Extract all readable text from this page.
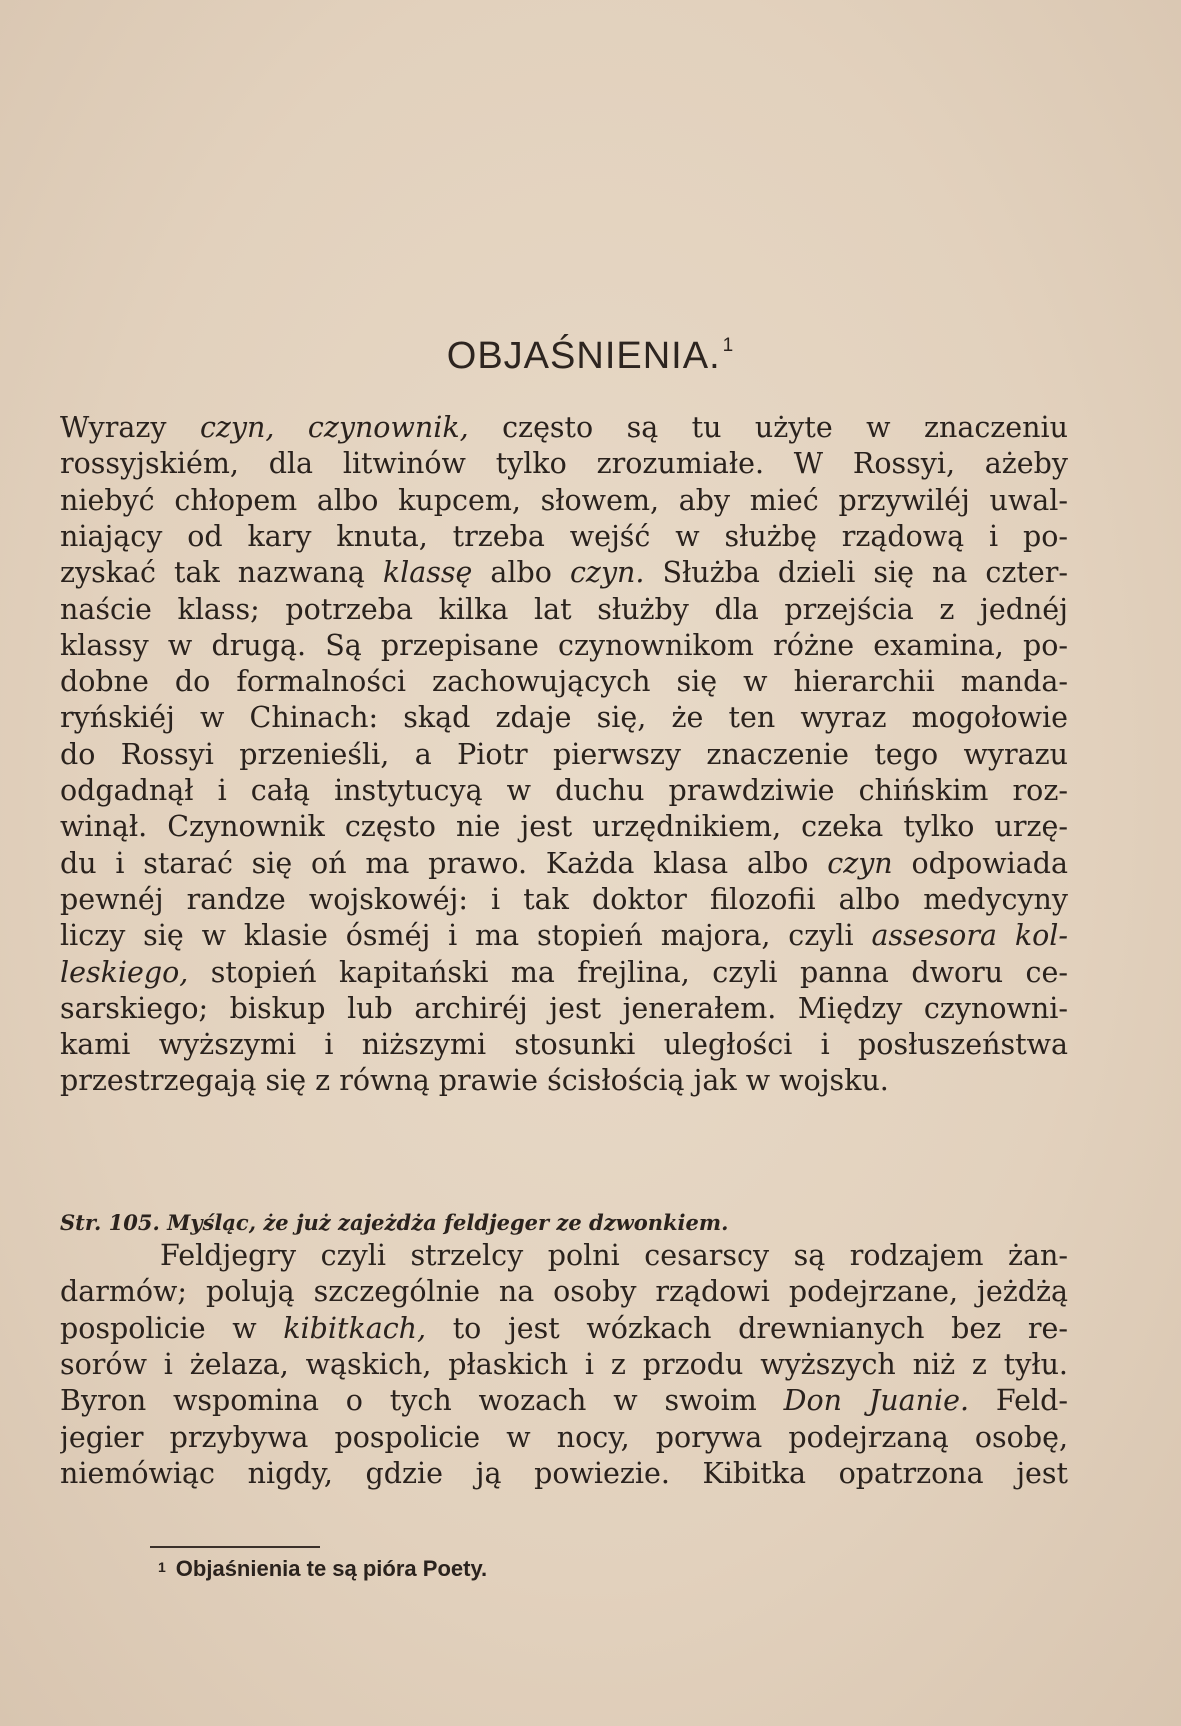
OBJAŚNIENIA. $^1$
Wyrazy czyn, czynownik, często są tu użyte w znaczeniu
rossyjskiém, dla litwinów tylko zrozumiałe. W Rossyi, ażeby
niebyć chłopem albo kupcem, słowem, aby mieć przywiléj uwal-
niający od kary knuta, trzeba wejść w służbę rządową i po-
zyskać tak nazwaną klassę albo czyn. Służba dzieli się na czter-
naście klass; potrzeba kilka lat służby dla przejścia z jednéj
klassy w drugą. Są przepisane czynownikom różne examina, po-
dobne do formalności zachowujących się w hierarchii manda-
ryńskiéj w Chinach: skąd zdaje się, że ten wyraz mogołowie
do Rossyi przenieśli, a Piotr pierwszy znaczenie tego wyrazu
odgadnął i całą instytucyą w duchu prawdziwie chińskim roz-
winął. Czynownik często nie jest urzędnikiem, czeka tylko urzę-
du i starać się oń ma prawo. Każda klasa albo czyn odpowiada
pewnéj randze wojskowéj: i tak doktor filozofii albo medycyny
liczy się w klasie ósméj i ma stopień majora, czyli assesora kol-
leskiego, stopień kapitański ma frejlina, czyli panna dworu ce-
sarskiego; biskup lub archiréj jest jenerałem. Między czynowni-
kami wyższymi i niższymi stosunki uległości i posłuszeństwa
przestrzegają się z równą prawie ścisłością jak w wojsku.
Str. 105. Myśląc, że już zajeżdża feldjeger ze dzwonkiem.
Feldjegry czyli strzelcy polni cesarscy są rodzajem żan-
darmów; polują szczególnie na osoby rządowi podejrzane, jeżdżą
pospolicie w kibitkach, to jest wózkach drewnianych bez re-
sorów i żelaza, wąskich, płaskich i z przodu wyższych niż z tyłu.
Byron wspomina o tych wozach w swoim Don Juanie. Feld-
jegier przybywa pospolicie w nocy, porywa podejrzaną osobę,
niemówiąc nigdy, gdzie ją powiezie. Kibitka opatrzona jest
1 Objaśnienia te są pióra Poety.
